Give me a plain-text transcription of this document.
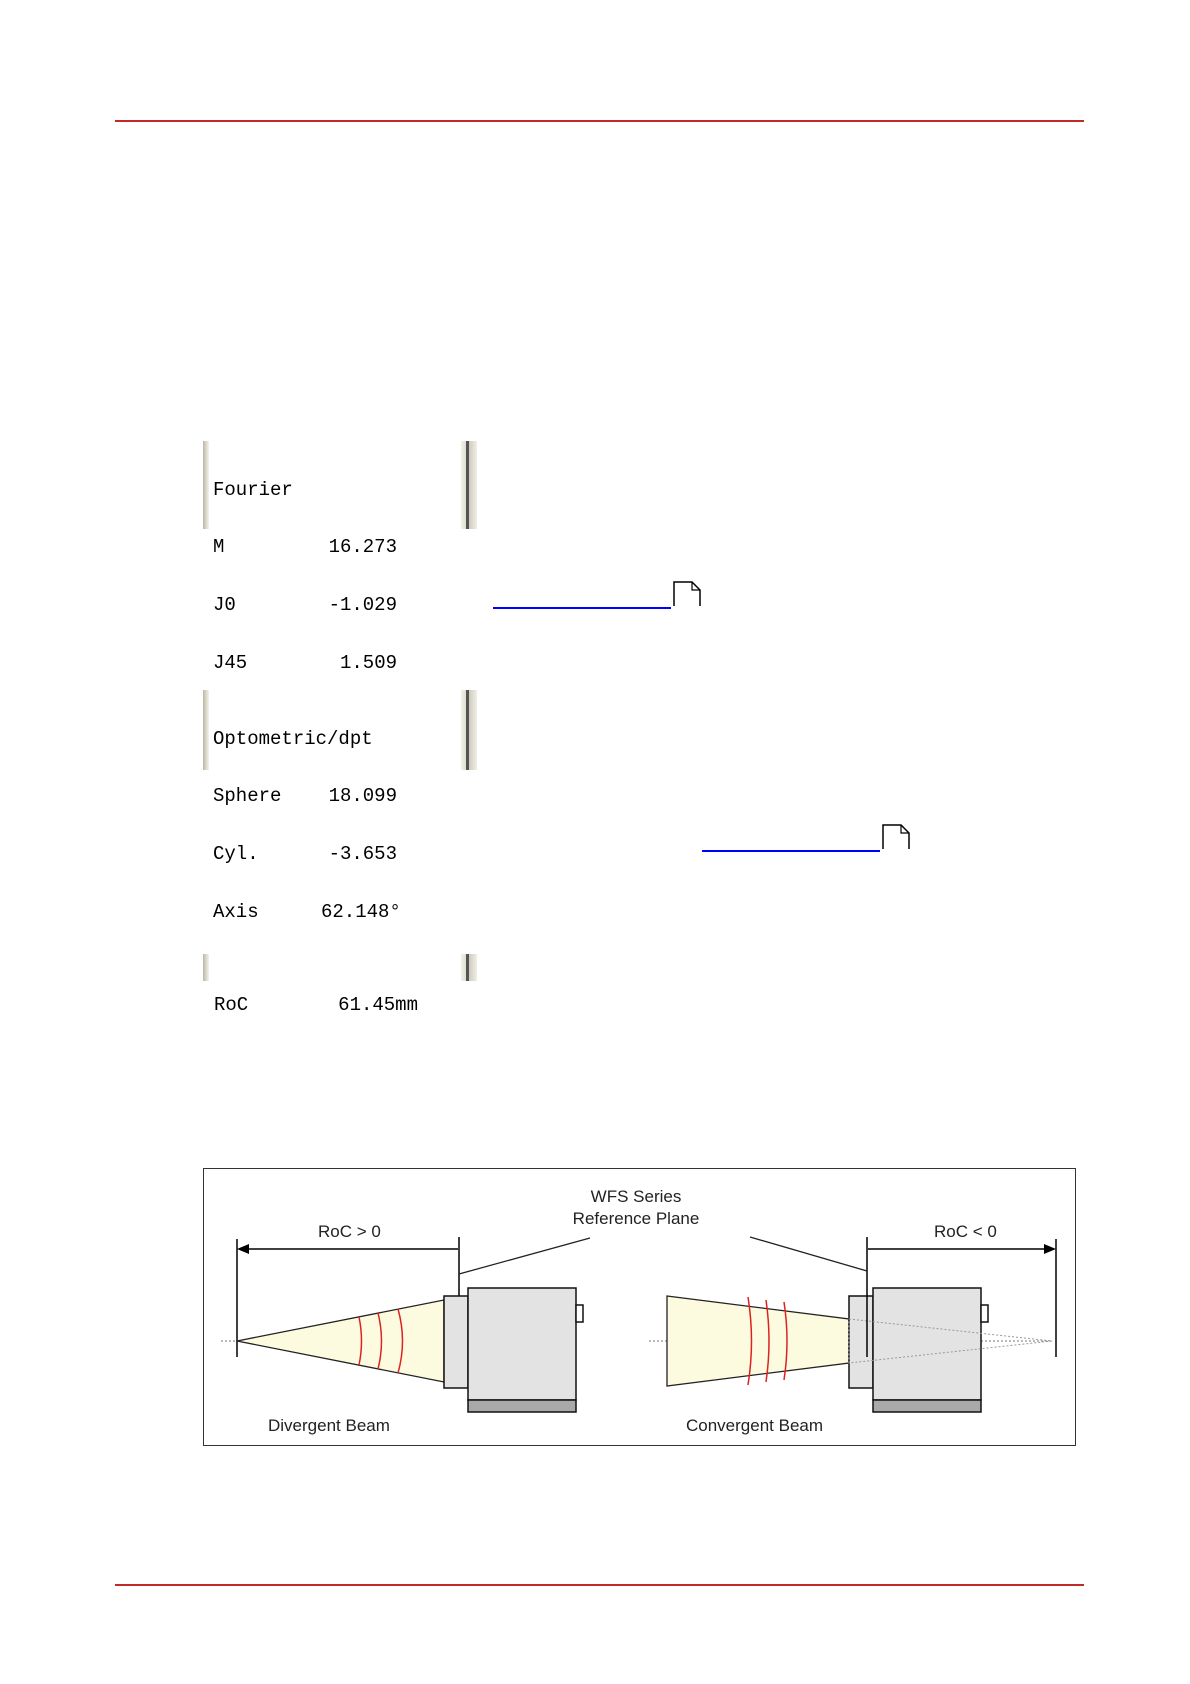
Fourier

M	16.273

J0	-1.029

J45	1.509

Optometric/dpt

Sphere	18.099

Cyl.	-3.653

Axis	62.148°

RoC	61.45mm

RoC > 0
Divergent Beam
WFS Series
Reference Plane
RoC < 0
Convergent Beam
